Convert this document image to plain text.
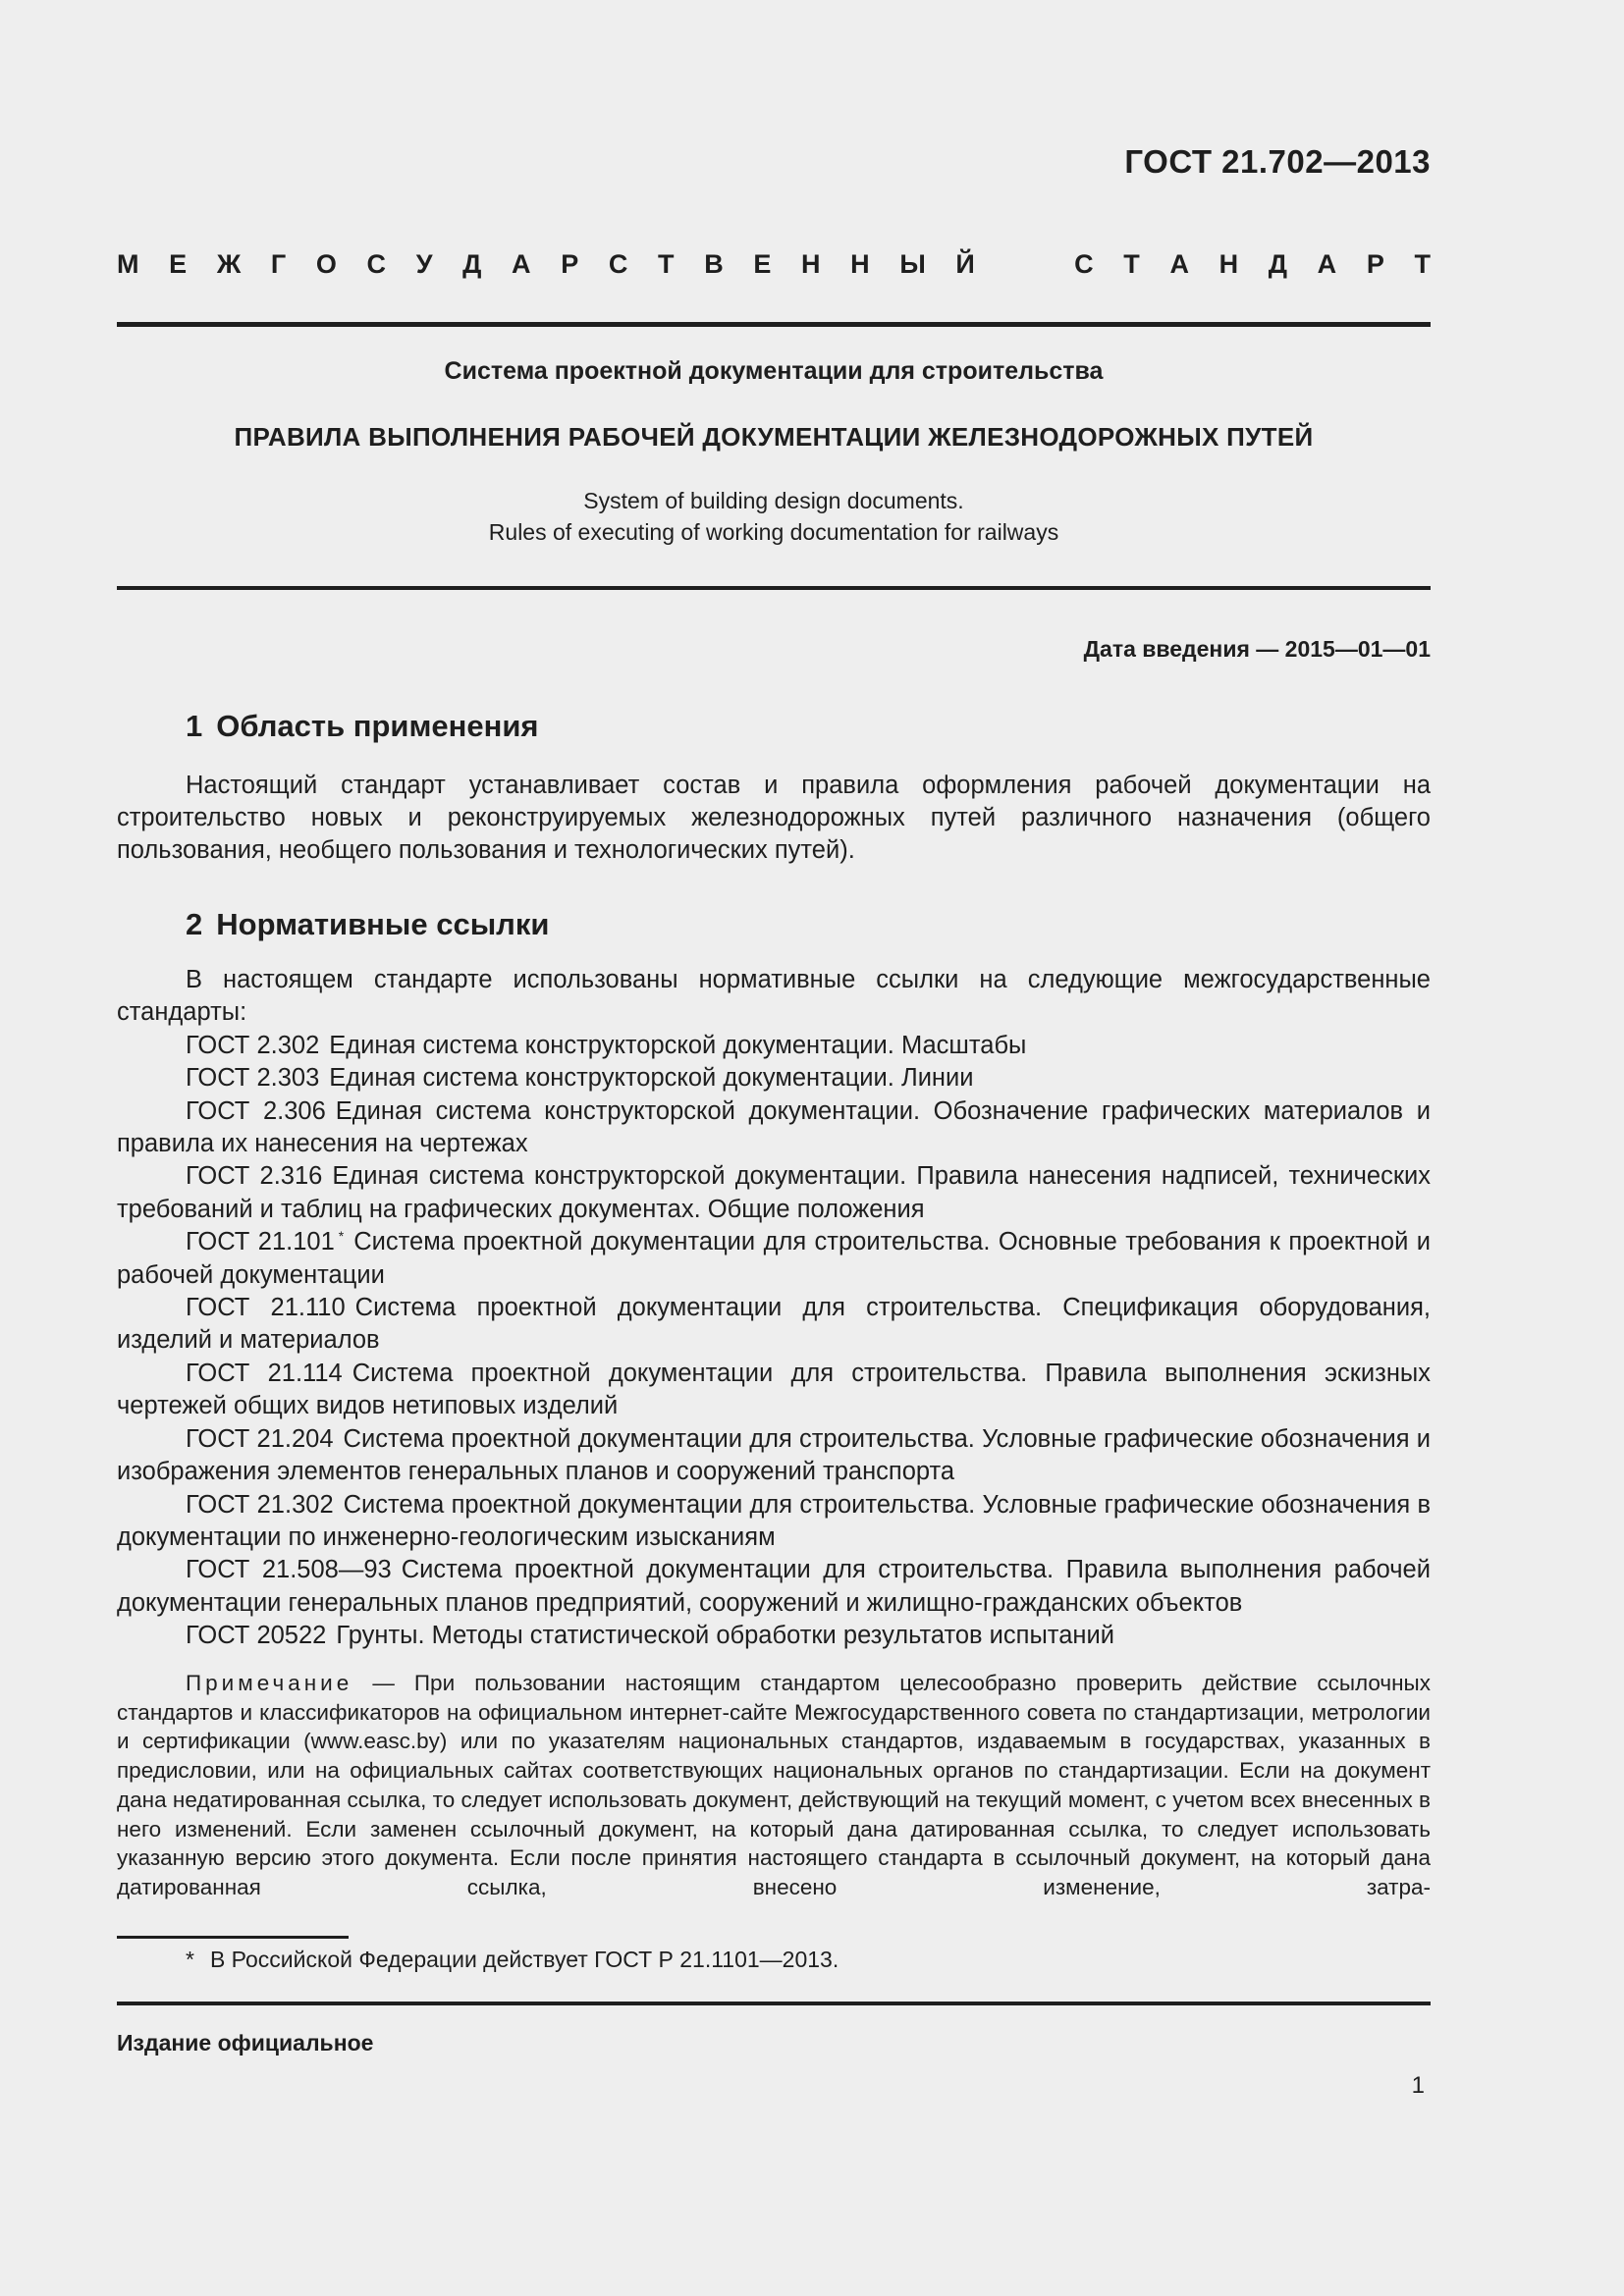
ГОСТ 21.702—2013
М Е Ж Г О С У Д А Р С Т В Е Н Н Ы Й	С Т А Н Д А Р Т
Система проектной документации для строительства
ПРАВИЛА ВЫПОЛНЕНИЯ РАБОЧЕЙ ДОКУМЕНТАЦИИ ЖЕЛЕЗНОДОРОЖНЫХ ПУТЕЙ
System of building design documents.
Rules of executing of working documentation for railways
Дата введения — 2015—01—01
1 Область применения
Настоящий стандарт устанавливает состав и правила оформления рабочей документации на строительство новых и реконструируемых железнодорожных путей различного назначения (общего пользования, необщего пользования и технологических путей).
2 Нормативные ссылки

В настоящем стандарте использованы нормативные ссылки на следующие межгосударственные стандарты:

ГОСТ 2.302 Единая система конструкторской документации. Масштабы

ГОСТ 2.303 Единая система конструкторской документации. Линии

ГОСТ 2.306 Единая система конструкторской документации. Обозначение графических материалов и правила их нанесения на чертежах

ГОСТ 2.316 Единая система конструкторской документации. Правила нанесения надписей, технических требований и таблиц на графических документах. Общие положения

ГОСТ 21.101 * Система проектной документации для строительства. Основные требования к проектной и рабочей документации

ГОСТ 21.110 Система проектной документации для строительства. Спецификация оборудования, изделий и материалов

ГОСТ 21.114 Система проектной документации для строительства. Правила выполнения эскизных чертежей общих видов нетиповых изделий

ГОСТ 21.204 Система проектной документации для строительства. Условные графические обозначения и изображения элементов генеральных планов и сооружений транспорта

ГОСТ 21.302 Система проектной документации для строительства. Условные графические обозначения в документации по инженерно-геологическим изысканиям

ГОСТ 21.508—93 Система проектной документации для строительства. Правила выполнения рабочей документации генеральных планов предприятий, сооружений и жилищно-гражданских объектов

ГОСТ 20522 Грунты. Методы статистической обработки результатов испытаний

Примечание — При пользовании настоящим стандартом целесообразно проверить действие ссылочных стандартов и классификаторов на официальном интернет-сайте Межгосударственного совета по стандартизации, метрологии и сертификации (www.easc.by) или по указателям национальных стандартов, издаваемым в государствах, указанных в предисловии, или на официальных сайтах соответствующих национальных органов по стандартизации. Если на документ дана недатированная ссылка, то следует использовать документ, действующий на текущий момент, с учетом всех внесенных в него изменений. Если заменен ссылочный документ, на который дана датированная ссылка, то следует использовать указанную версию этого документа. Если после принятия настоящего стандарта в ссылочный документ, на который дана датированная ссылка, внесено изменение, затра-
* В Российской Федерации действует ГОСТ Р 21.1101—2013.
Издание официальное
1
